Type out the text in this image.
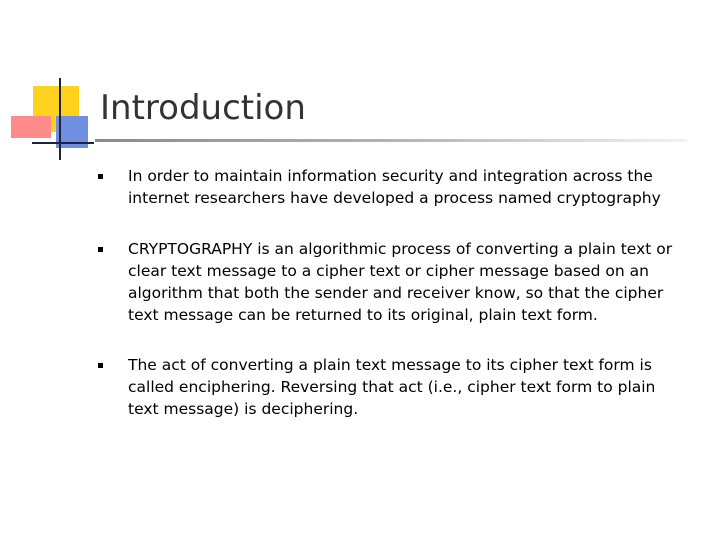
Introduction

In order to maintain information security and integration across the internet researchers have developed a process named cryptography

CRYPTOGRAPHY is an algorithmic process of converting a plain text or clear text message to a cipher text or cipher message based on an algorithm that both the sender and receiver know, so that the cipher text message can be returned to its original, plain text form.

The act of converting a plain text message to its cipher text form is called enciphering. Reversing that act (i.e., cipher text form to plain text message) is deciphering.
